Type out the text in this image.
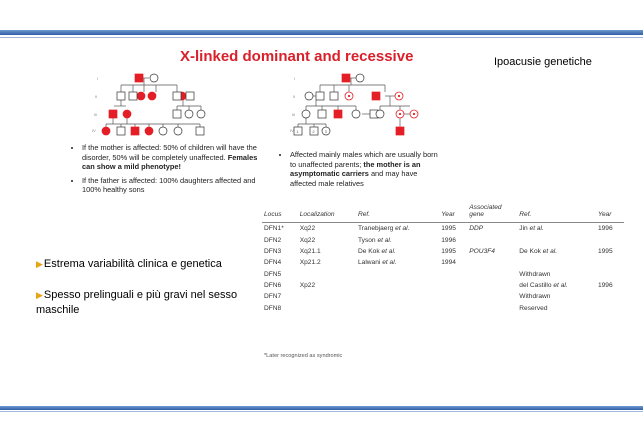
X-linked dominant and recessive	Ipoacusie genetiche
I
II
III
IV
I
II
III
IV 1	2 3
• If the mother is affected: 50% of children will have the disorder, 50% will be completely unaffected. Females can show a mild phenotype!
• If the father is affected: 100% daughters affected and 100% healthy sons
• Affected mainly males which are usually born to unaffected parents; the mother is an asymptomatic carriers and may have affected male relatives
Locus	Localization	Ref.	Year	Associated gene	Ref.	Year
DFN1*	Xq22	Tranebjaerg et al.	1995	DDP	Jin et al.	1996
DFN2	Xq22	Tyson et al.	1996			
DFN3	Xq21.1	De Kok et al.	1995	POU3F4	De Kok et al.	1995
DFN4	Xp21.2	Lalwani et al.	1994			
DFN5					Withdrawn	
DFN6	Xp22				del Castillo et al.	1996
DFN7					Withdrawn	
DFN8					Reserved	
*Later recognized as syndromic
▶Estrema variabilità clinica e genetica
▶Spesso prelinguali e più gravi nel sesso maschile
